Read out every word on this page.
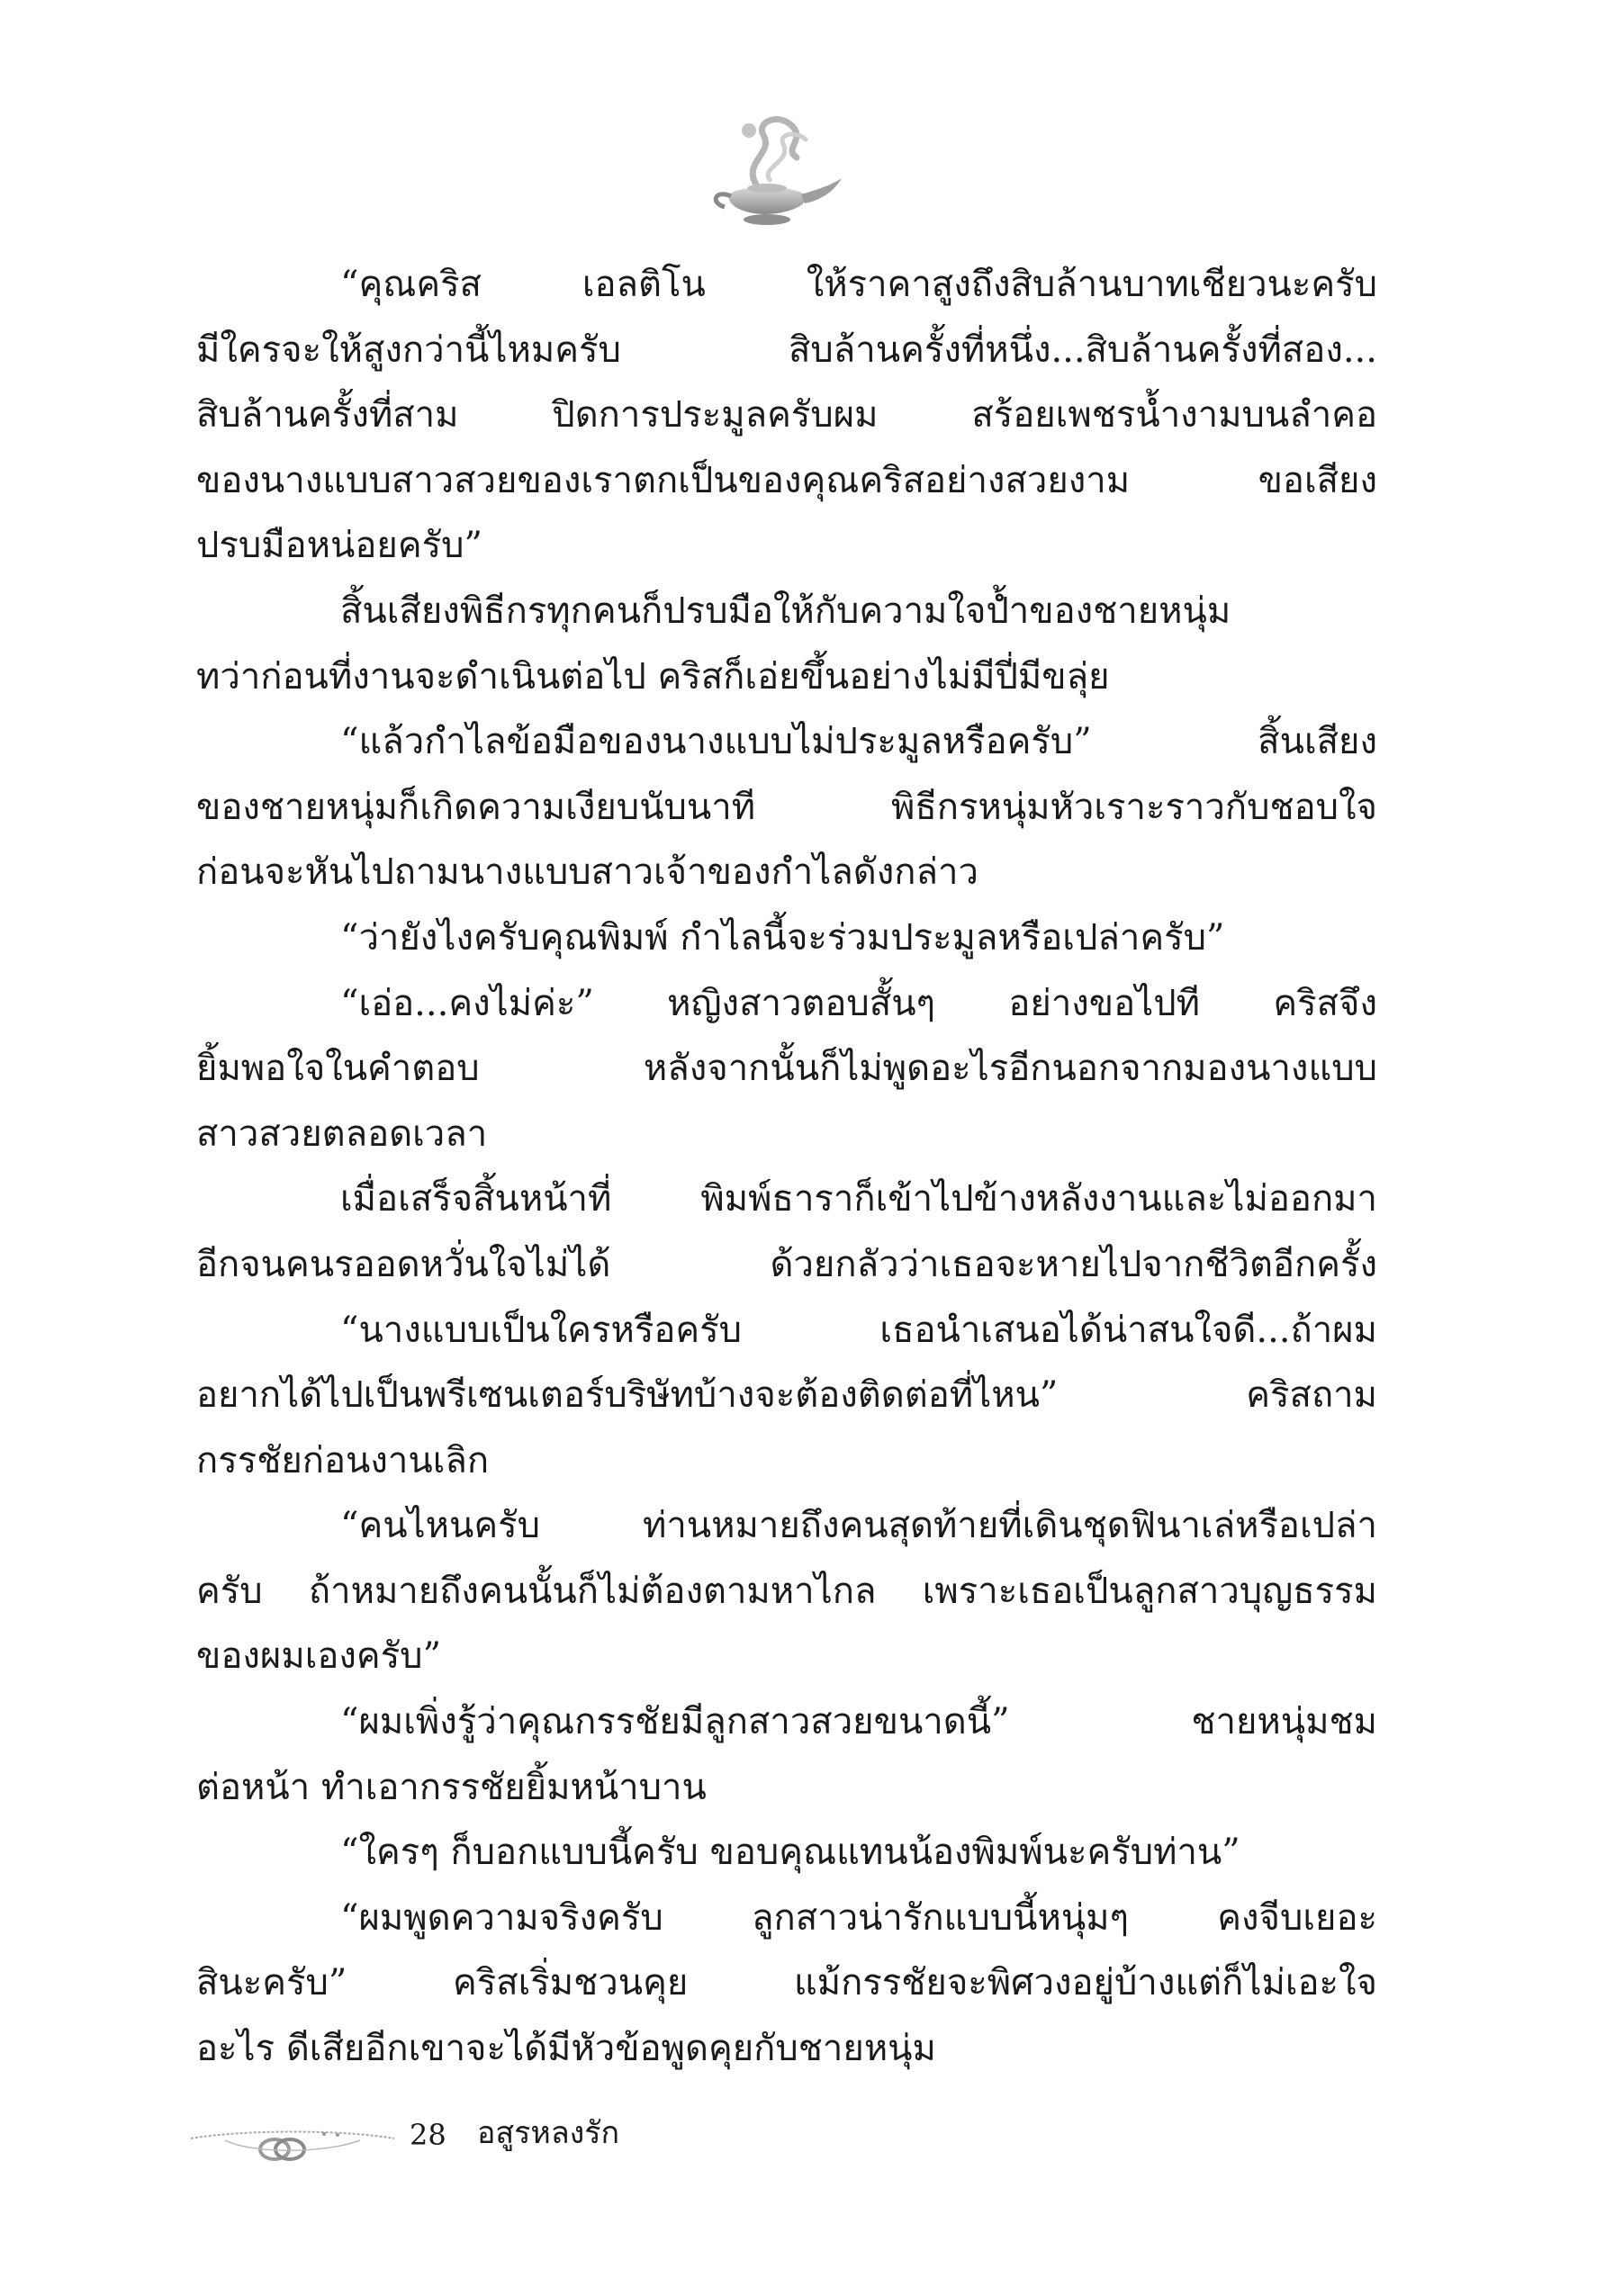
“คุณคริส เอลติโน ให้ราคาสูงถึงสิบล้านบาทเชียวนะครับ
มีใครจะให้สูงกว่านี้ไหมครับ สิบล้านครั้งที่หนึ่ง...สิบล้านครั้งที่สอง...
สิบล้านครั้งที่สาม ปิดการประมูลครับผม สร้อยเพชรน้ำงามบนลำคอ
ของนางแบบสาวสวยของเราตกเป็นของคุณคริสอย่างสวยงาม ขอเสียง
ปรบมือหน่อยครับ”
สิ้นเสียงพิธีกรทุกคนก็ปรบมือให้กับความใจป้ำของชายหนุ่ม
ทว่าก่อนที่งานจะดำเนินต่อไป คริสก็เอ่ยขึ้นอย่างไม่มีปี่มีขลุ่ย
“แล้วกำไลข้อมือของนางแบบไม่ประมูลหรือครับ” สิ้นเสียง
ของชายหนุ่มก็เกิดความเงียบนับนาที พิธีกรหนุ่มหัวเราะราวกับชอบใจ
ก่อนจะหันไปถามนางแบบสาวเจ้าของกำไลดังกล่าว
“ว่ายังไงครับคุณพิมพ์ กำไลนี้จะร่วมประมูลหรือเปล่าครับ”
“เอ่อ...คงไม่ค่ะ” หญิงสาวตอบสั้นๆ อย่างขอไปที คริสจึง
ยิ้มพอใจในคำตอบ หลังจากนั้นก็ไม่พูดอะไรอีกนอกจากมองนางแบบ
สาวสวยตลอดเวลา
เมื่อเสร็จสิ้นหน้าที่ พิมพ์ธาราก็เข้าไปข้างหลังงานและไม่ออกมา
อีกจนคนรออดหวั่นใจไม่ได้ ด้วยกลัวว่าเธอจะหายไปจากชีวิตอีกครั้ง
“นางแบบเป็นใครหรือครับ เธอนำเสนอได้น่าสนใจดี...ถ้าผม
อยากได้ไปเป็นพรีเซนเตอร์บริษัทบ้างจะต้องติดต่อที่ไหน” คริสถาม
กรรชัยก่อนงานเลิก
“คนไหนครับ ท่านหมายถึงคนสุดท้ายที่เดินชุดฟินาเล่หรือเปล่า
ครับ ถ้าหมายถึงคนนั้นก็ไม่ต้องตามหาไกล เพราะเธอเป็นลูกสาวบุญธรรม
ของผมเองครับ”
“ผมเพิ่งรู้ว่าคุณกรรชัยมีลูกสาวสวยขนาดนี้” ชายหนุ่มชม
ต่อหน้า ทำเอากรรชัยยิ้มหน้าบาน
“ใครๆ ก็บอกแบบนี้ครับ ขอบคุณแทนน้องพิมพ์นะครับท่าน”
“ผมพูดความจริงครับ ลูกสาวน่ารักแบบนี้หนุ่มๆ คงจีบเยอะ
สินะครับ” คริสเริ่มชวนคุย แม้กรรชัยจะพิศวงอยู่บ้างแต่ก็ไม่เอะใจ
อะไร ดีเสียอีกเขาจะได้มีหัวข้อพูดคุยกับชายหนุ่ม
28 อสูรหลงรัก
